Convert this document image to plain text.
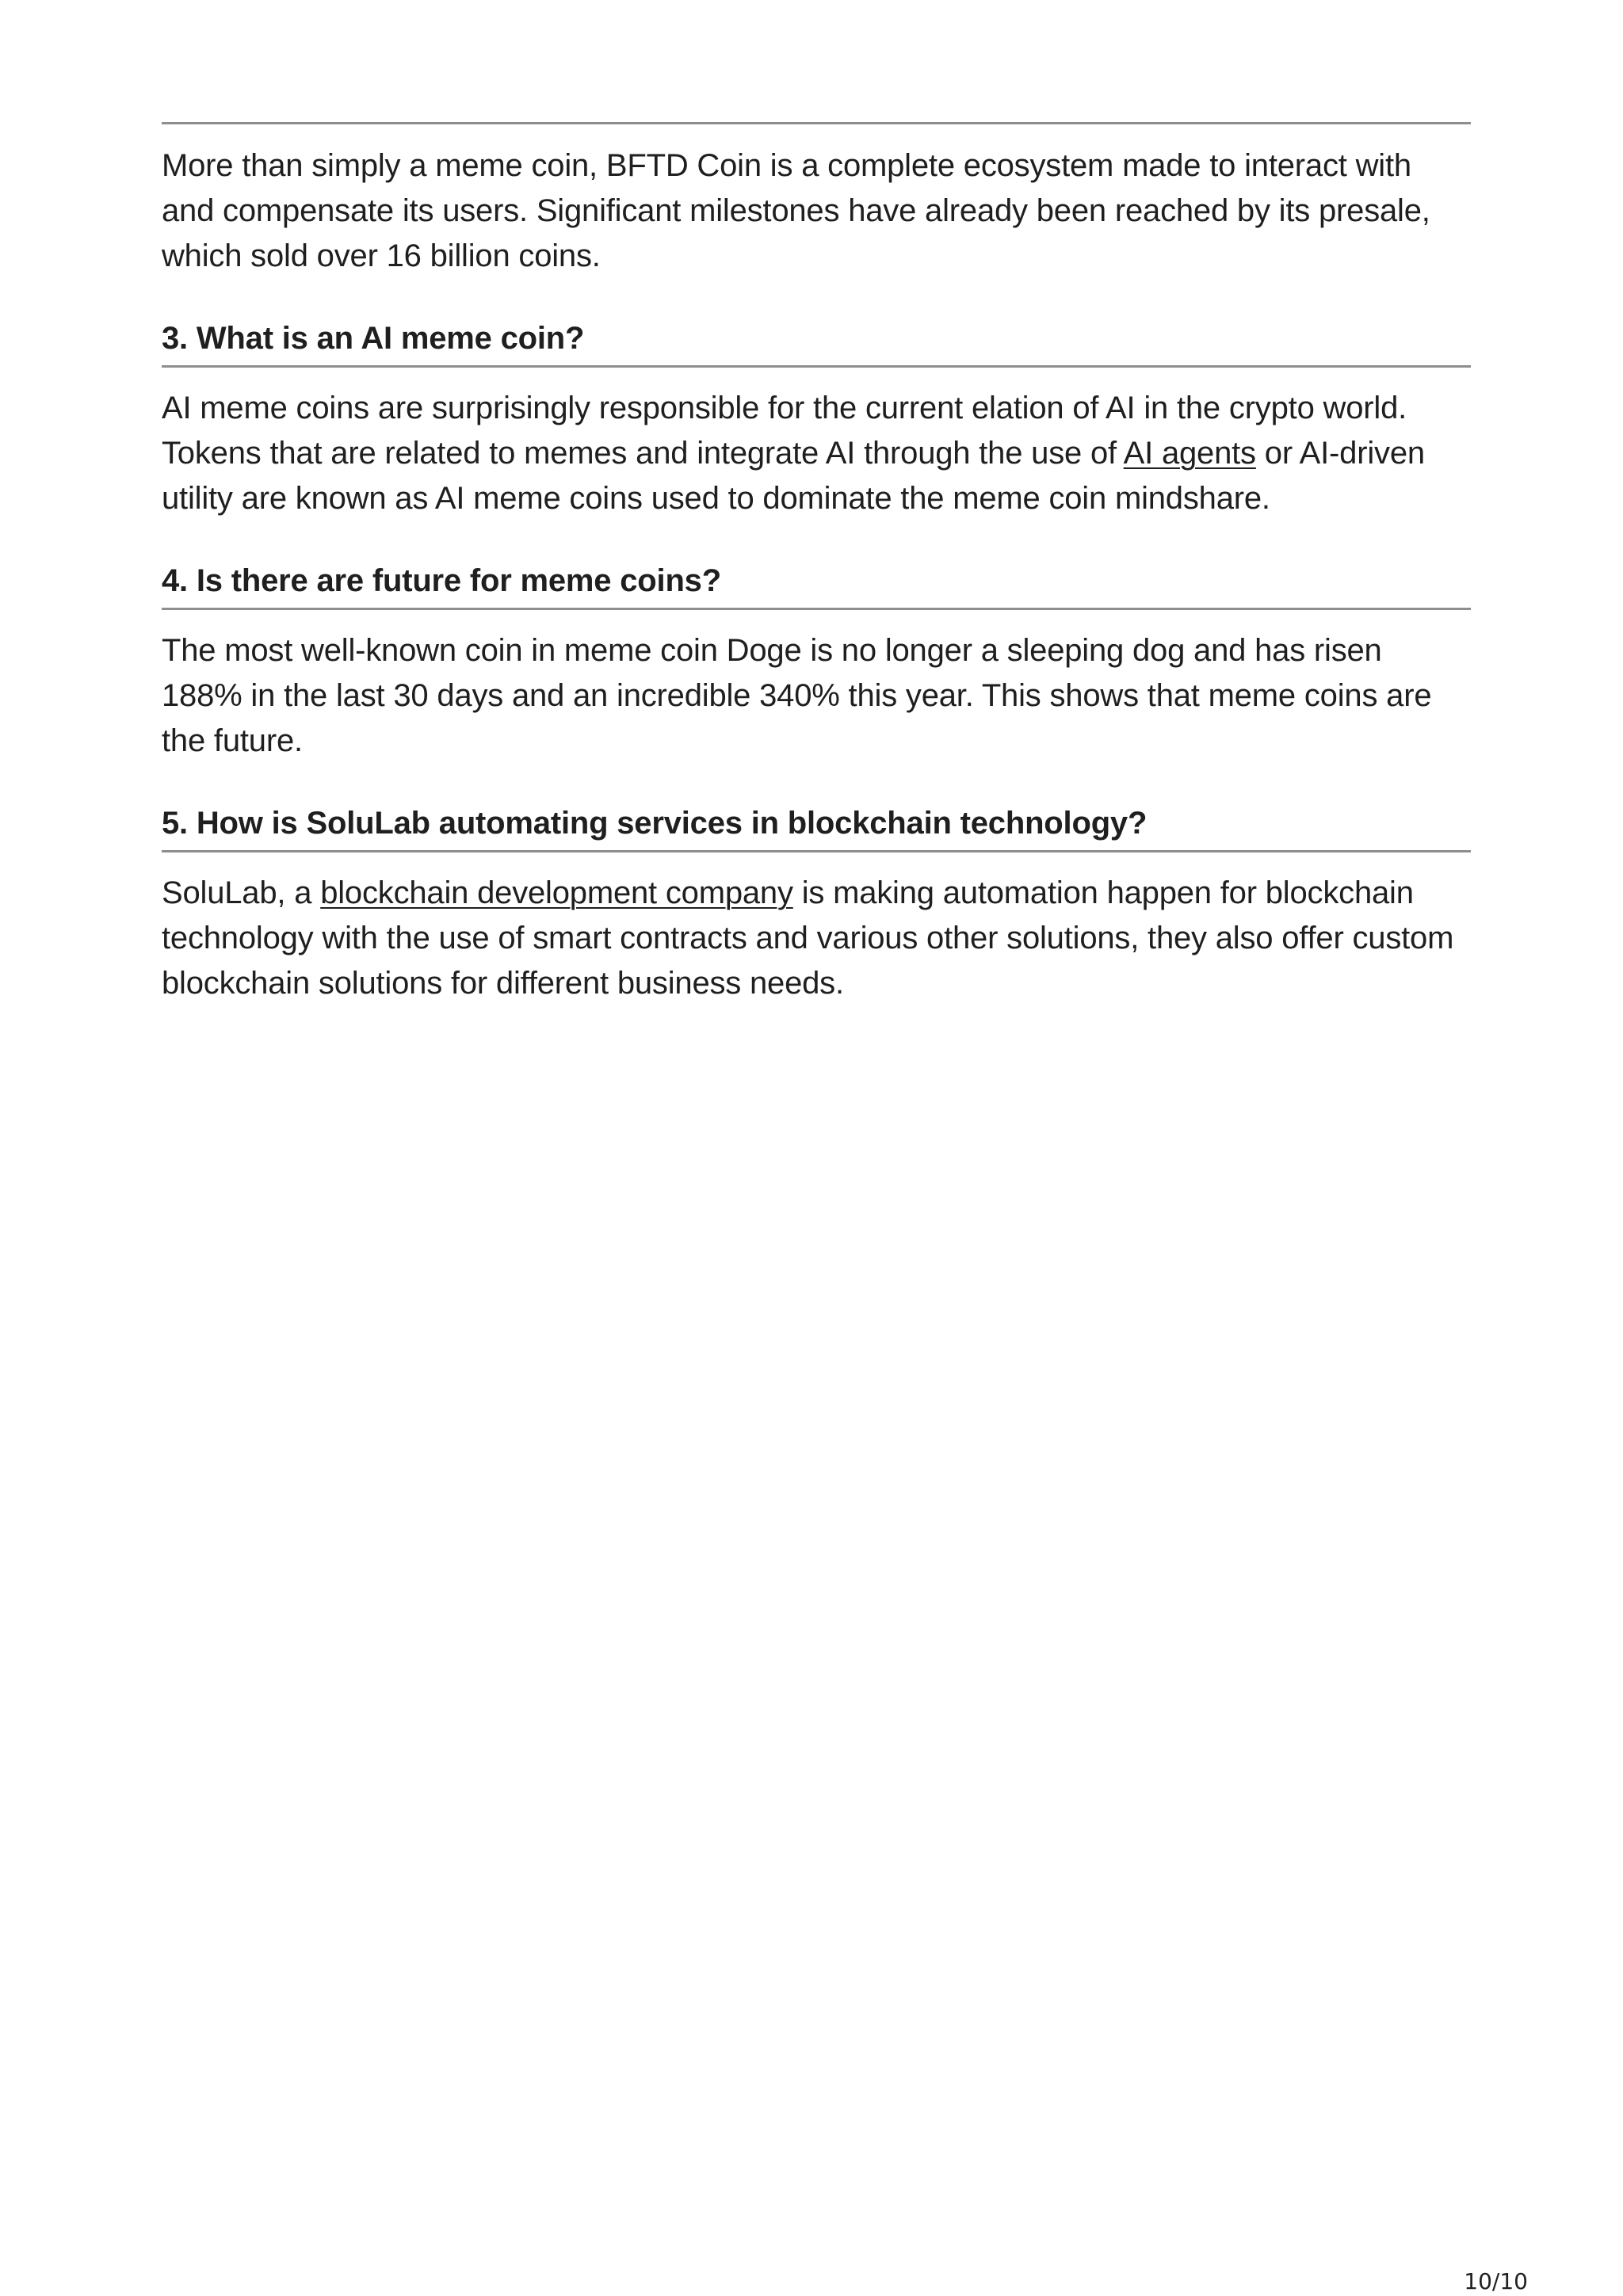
More than simply a meme coin, BFTD Coin is a complete ecosystem made to interact with and compensate its users. Significant milestones have already been reached by its presale, which sold over 16 billion coins.

3. What is an AI meme coin?

AI meme coins are surprisingly responsible for the current elation of AI in the crypto world. Tokens that are related to memes and integrate AI through the use of AI agents or AI-driven utility are known as AI meme coins used to dominate the meme coin mindshare.

4. Is there are future for meme coins?

The most well-known coin in meme coin Doge is no longer a sleeping dog and has risen 188% in the last 30 days and an incredible 340% this year. This shows that meme coins are the future.

5. How is SoluLab automating services in blockchain technology?

SoluLab, a blockchain development company is making automation happen for blockchain technology with the use of smart contracts and various other solutions, they also offer custom blockchain solutions for different business needs.

10/10
